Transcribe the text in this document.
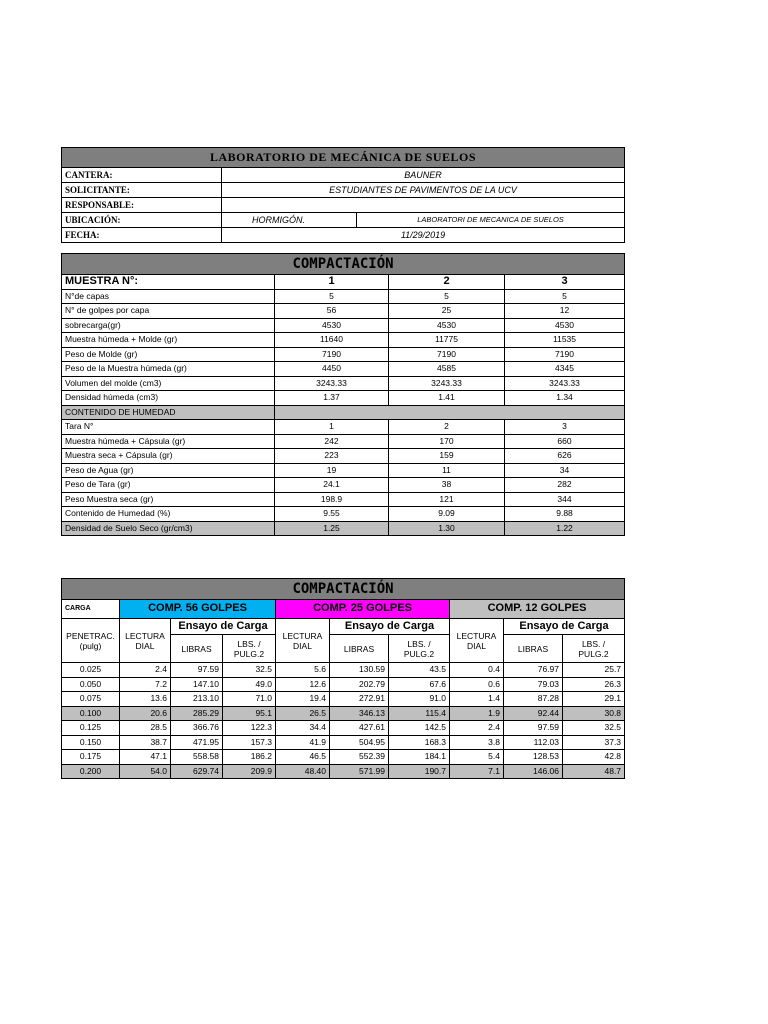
LABORATORIO DE MECÁNICA DE SUELOS		
CANTERA:	BAUNER	
SOLICITANTE:	ESTUDIANTES DE PAVIMENTOS DE LA UCV	
RESPONSABLE:		
UBICACIÓN:	HORMIGÓN.	LABORATORI DE MECANICA DE SUELOS
FECHA:	11/29/2019	
COMPACTACIÓN			
MUESTRA N°:	1	2	3
N°de capas	5	5	5
N° de golpes por capa	56	25	12
sobrecarga(gr)	4530	4530	4530
Muestra húmeda + Molde (gr)	11640	11775	11535
Peso de Molde (gr)	7190	7190	7190
Peso de la Muestra húmeda (gr)	4450	4585	4345
Volumen del molde (cm3)	3243.33	3243.33	3243.33
Densidad húmeda (cm3)	1.37	1.41	1.34
CONTENIDO DE HUMEDAD			
Tara N°	1	2	3
Muestra húmeda + Cápsula (gr)	242	170	660
Muestra seca + Cápsula (gr)	223	159	626
Peso de Agua (gr)	19	11	34
Peso de Tara (gr)	24.1	38	282
Peso Muestra seca (gr)	198.9	121	344
Contenido de Humedad (%)	9.55	9.09	9.88
Densidad de Suelo Seco (gr/cm3)	1.25	1.30	1.22
COMPACTACIÓN									
CARGA	COMP. 56 GOLPES			COMP. 25 GOLPES			COMP. 12 GOLPES		
PENETRAC. (pulg)	LECTURA DIAL	Ensayo de Carga		LECTURA DIAL	Ensayo de Carga		LECTURA DIAL	Ensayo de Carga	
		LIBRAS	LBS. / PULG.2		LIBRAS	LBS. / PULG.2		LIBRAS	LBS. / PULG.2
0.025	2.4	97.59	32.5	5.6	130.59	43.5	0.4	76.97	25.7
0.050	7.2	147.10	49.0	12.6	202.79	67.6	0.6	79.03	26.3
0.075	13.6	213.10	71.0	19.4	272.91	91.0	1.4	87.28	29.1
0.100	20.6	285.29	95.1	26.5	346.13	115.4	1.9	92.44	30.8
0.125	28.5	366.76	122.3	34.4	427.61	142.5	2.4	97.59	32.5
0.150	38.7	471.95	157.3	41.9	504.95	168.3	3.8	112.03	37.3
0.175	47.1	558.58	186.2	46.5	552.39	184.1	5.4	128.53	42.8
0.200	54.0	629.74	209.9	48.40	571.99	190.7	7.1	146.06	48.7
